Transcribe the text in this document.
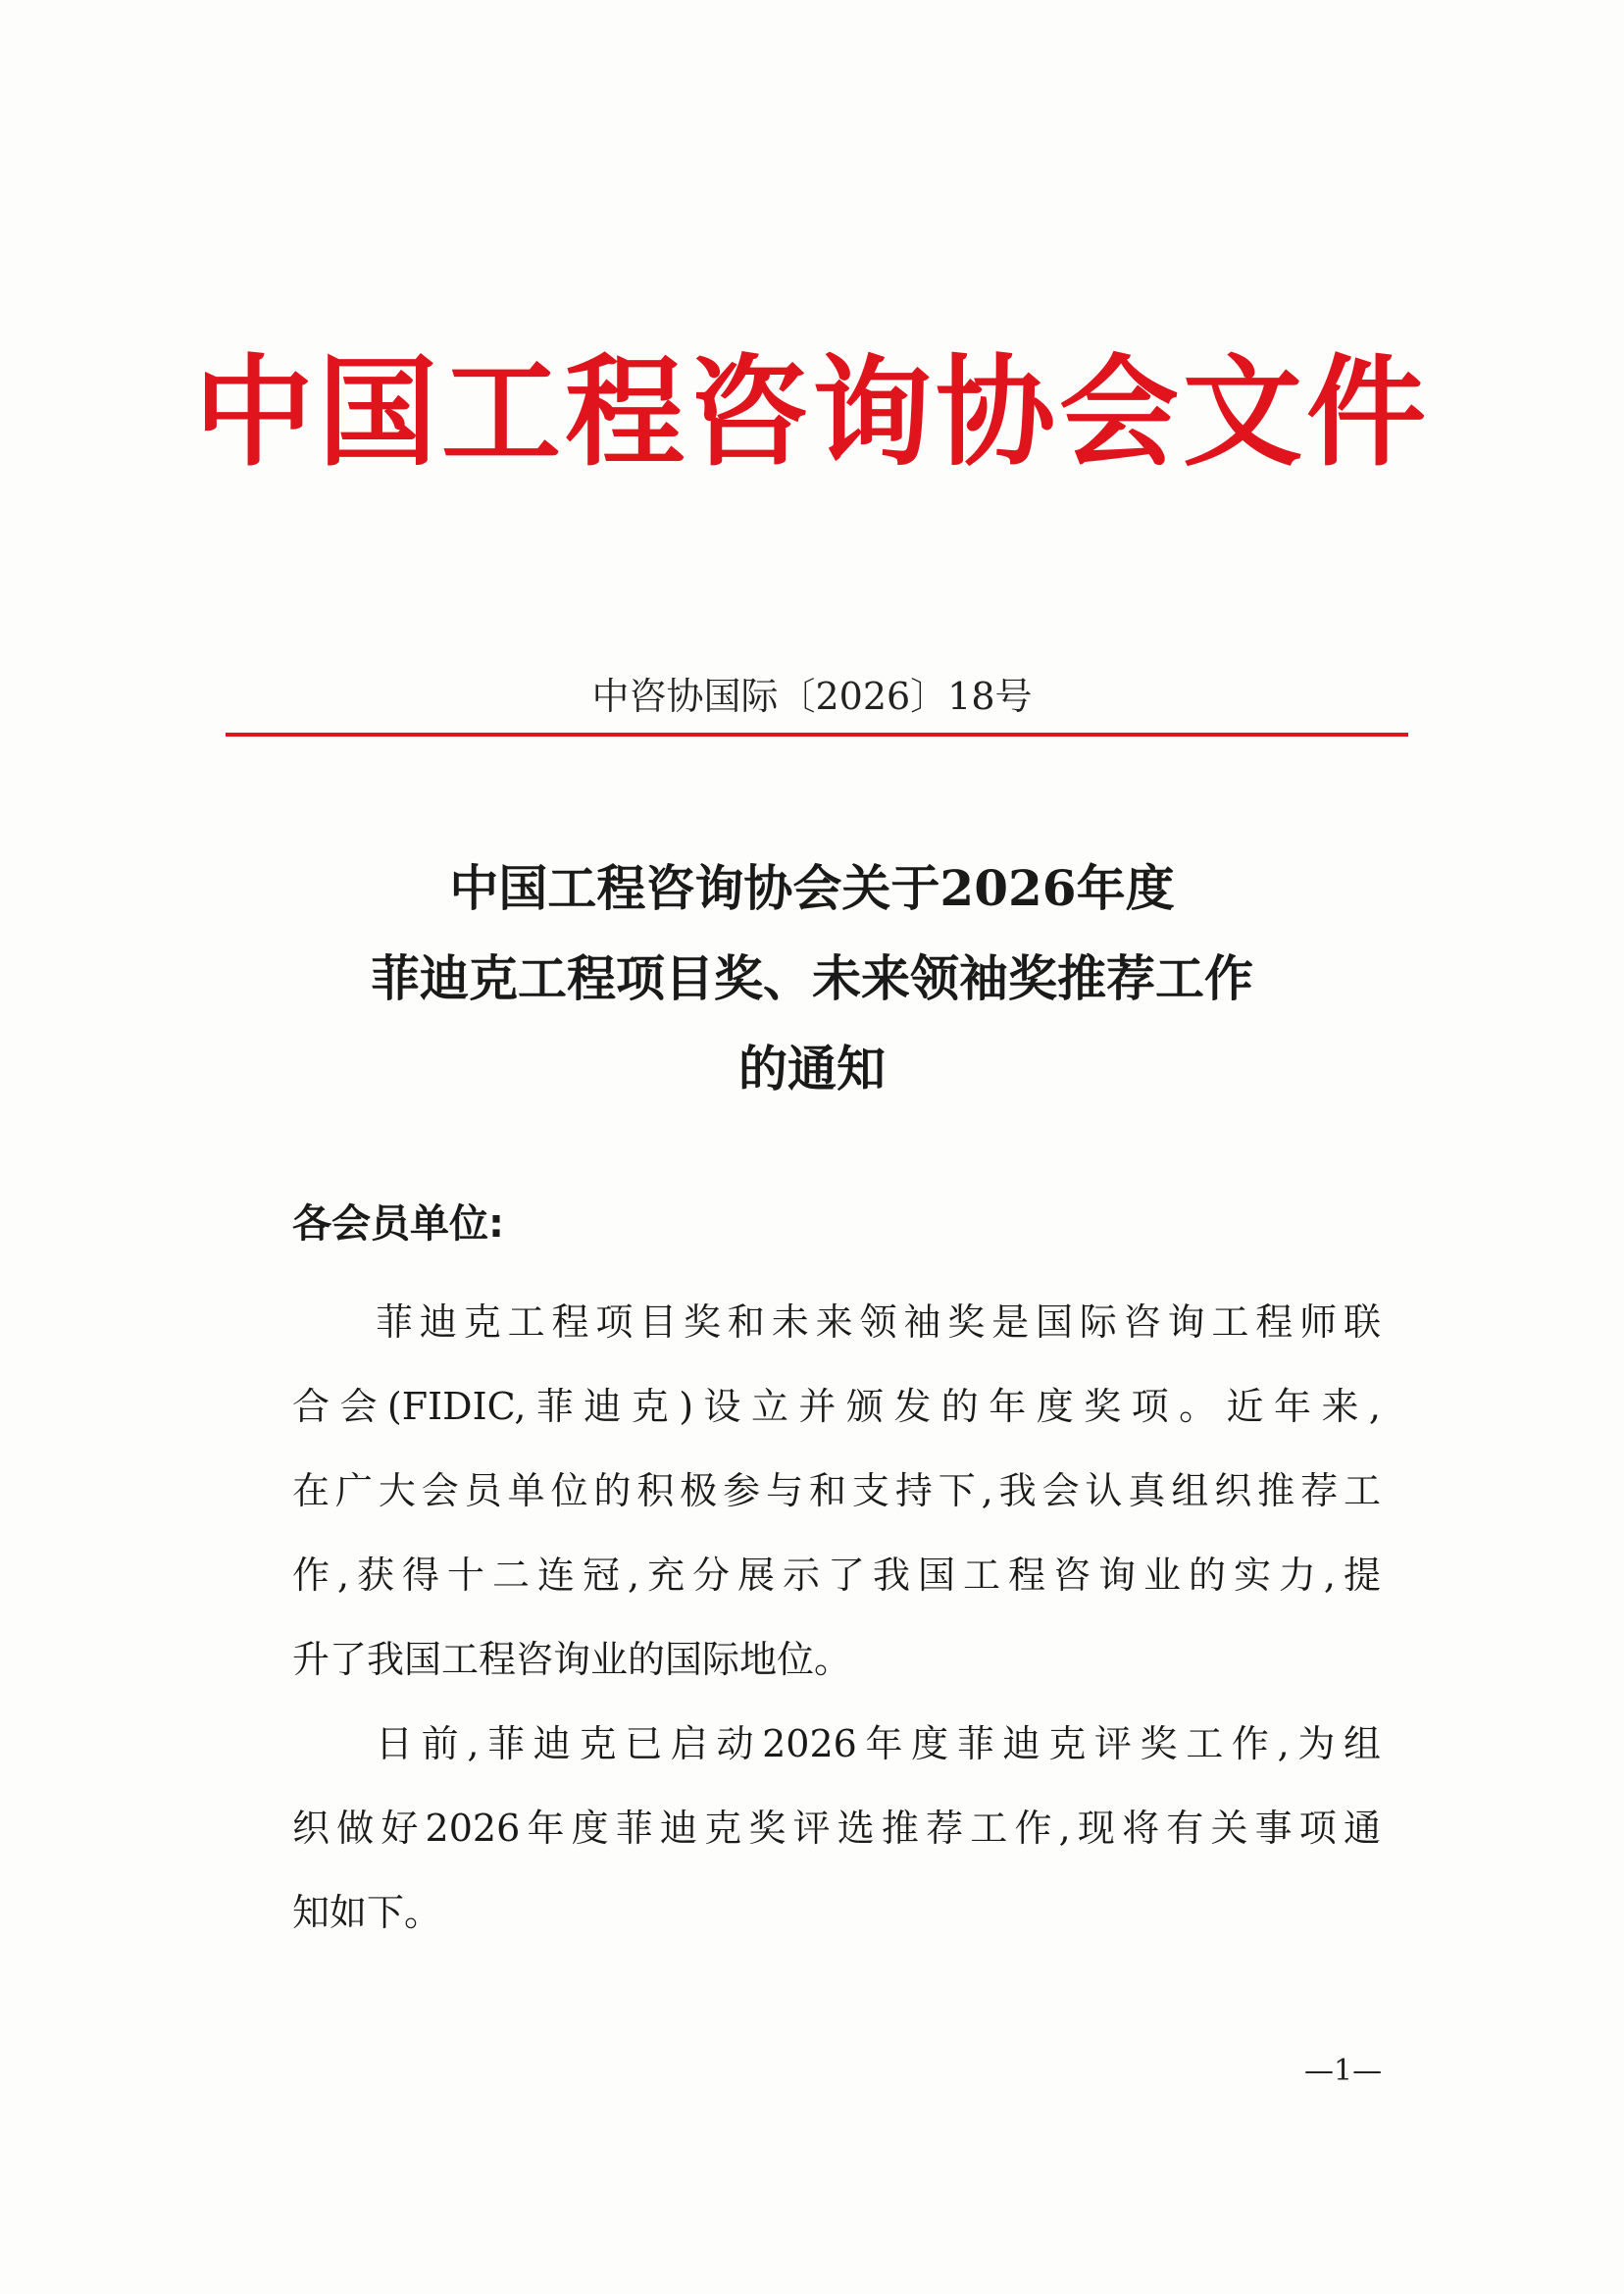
中国工程咨询协会文件
中咨协国际〔2026〕18号
中国工程咨询协会关于2026年度
菲迪克工程项目奖、未来领袖奖推荐工作
的通知
各会员单位:
菲迪克工程项目奖和未来领袖奖是国际咨询工程师联
合会(FIDIC,菲迪克)设立并颁发的年度奖项。近年来,
在广大会员单位的积极参与和支持下,我会认真组织推荐工
作,获得十二连冠,充分展示了我国工程咨询业的实力,提
升了我国工程咨询业的国际地位。
日前,菲迪克已启动2026年度菲迪克评奖工作,为组
织做好2026年度菲迪克奖评选推荐工作,现将有关事项通
知如下。
—1—
